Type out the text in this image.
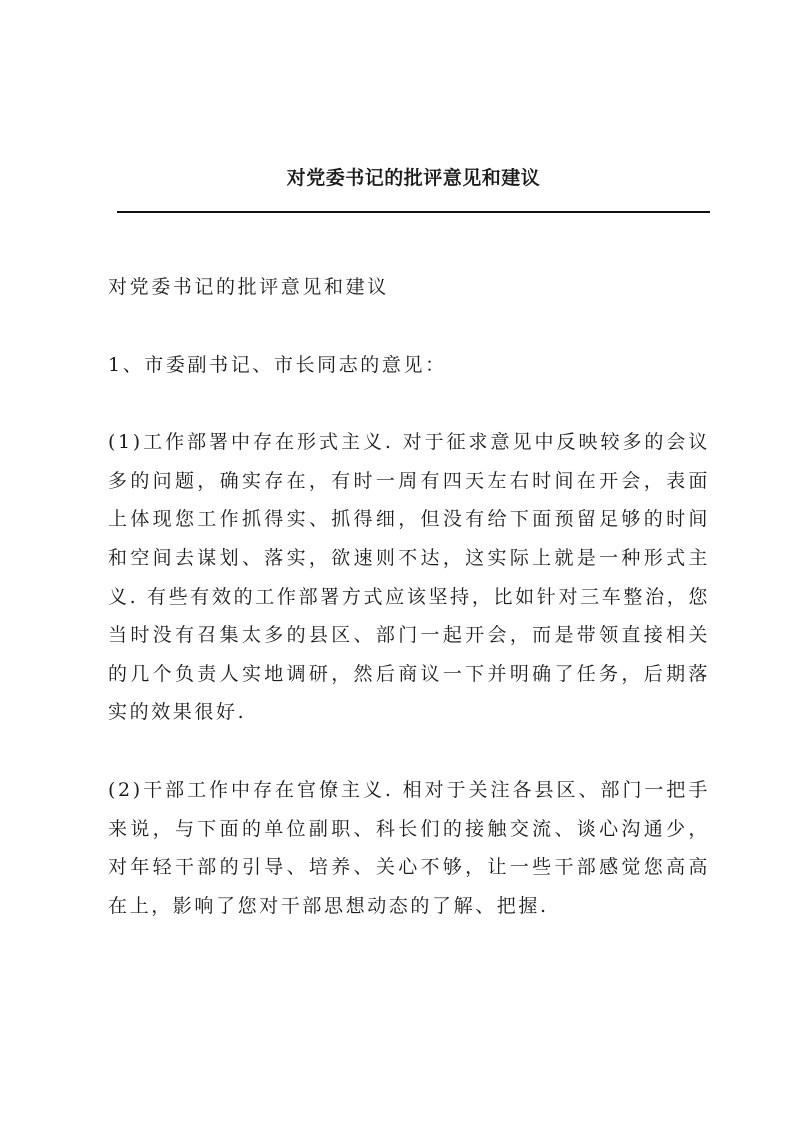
对党委书记的批评意见和建议

对党委书记的批评意见和建议

1、市委副书记、市长同志的意见：

(1)工作部署中存在形式主义. 对于征求意见中反映较多的会议多的问题，确实存在，有时一周有四天左右时间在开会，表面上体现您工作抓得实、抓得细，但没有给下面预留足够的时间和空间去谋划、落实，欲速则不达，这实际上就是一种形式主义. 有些有效的工作部署方式应该坚持，比如针对三车整治，您当时没有召集太多的县区、部门一起开会，而是带领直接相关的几个负责人实地调研，然后商议一下并明确了任务，后期落实的效果很好.

(2)干部工作中存在官僚主义. 相对于关注各县区、部门一把手来说，与下面的单位副职、科长们的接触交流、谈心沟通少，对年轻干部的引导、培养、关心不够，让一些干部感觉您高高在上，影响了您对干部思想动态的了解、把握.
